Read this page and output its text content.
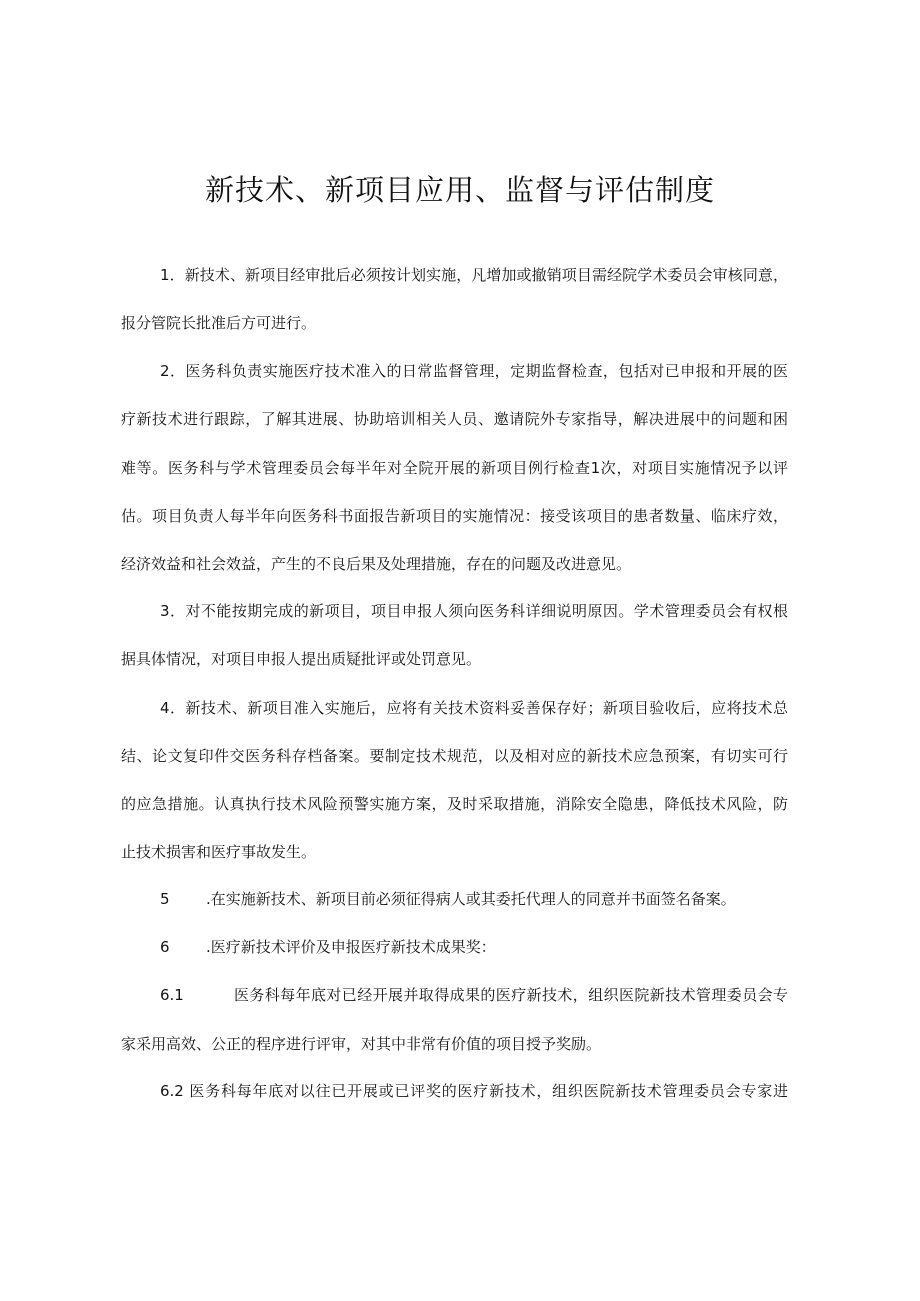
新技术、新项目应用、监督与评估制度
1．新技术、新项目经审批后必须按计划实施，凡增加或撤销项目需经院学术委员会审核同意，
报分管院长批准后方可进行。
2．医务科负责实施医疗技术准入的日常监督管理，定期监督检查，包括对已申报和开展的医
疗新技术进行跟踪，了解其进展、协助培训相关人员、邀请院外专家指导，解决进展中的问题和困
难等。医务科与学术管理委员会每半年对全院开展的新项目例行检查1次，对项目实施情况予以评
估。项目负责人每半年向医务科书面报告新项目的实施情况：接受该项目的患者数量、临床疗效，
经济效益和社会效益，产生的不良后果及处理措施，存在的问题及改进意见。
3．对不能按期完成的新项目，项目申报人须向医务科详细说明原因。学术管理委员会有权根
据具体情况，对项目申报人提出质疑批评或处罚意见。
4．新技术、新项目准入实施后，应将有关技术资料妥善保存好；新项目验收后，应将技术总
结、论文复印件交医务科存档备案。要制定技术规范，以及相对应的新技术应急预案，有切实可行
的应急措施。认真执行技术风险预警实施方案，及时采取措施，消除安全隐患，降低技术风险，防
止技术损害和医疗事故发生。
5 .在实施新技术、新项目前必须征得病人或其委托代理人的同意并书面签名备案。
6 .医疗新技术评价及申报医疗新技术成果奖：
6.1	医务科每年底对已经开展并取得成果的医疗新技术，组织医院新技术管理委员会专
家采用高效、公正的程序进行评审，对其中非常有价值的项目授予奖励。
6.2 医务科每年底对以往已开展或已评奖的医疗新技术，组织医院新技术管理委员会专家进
